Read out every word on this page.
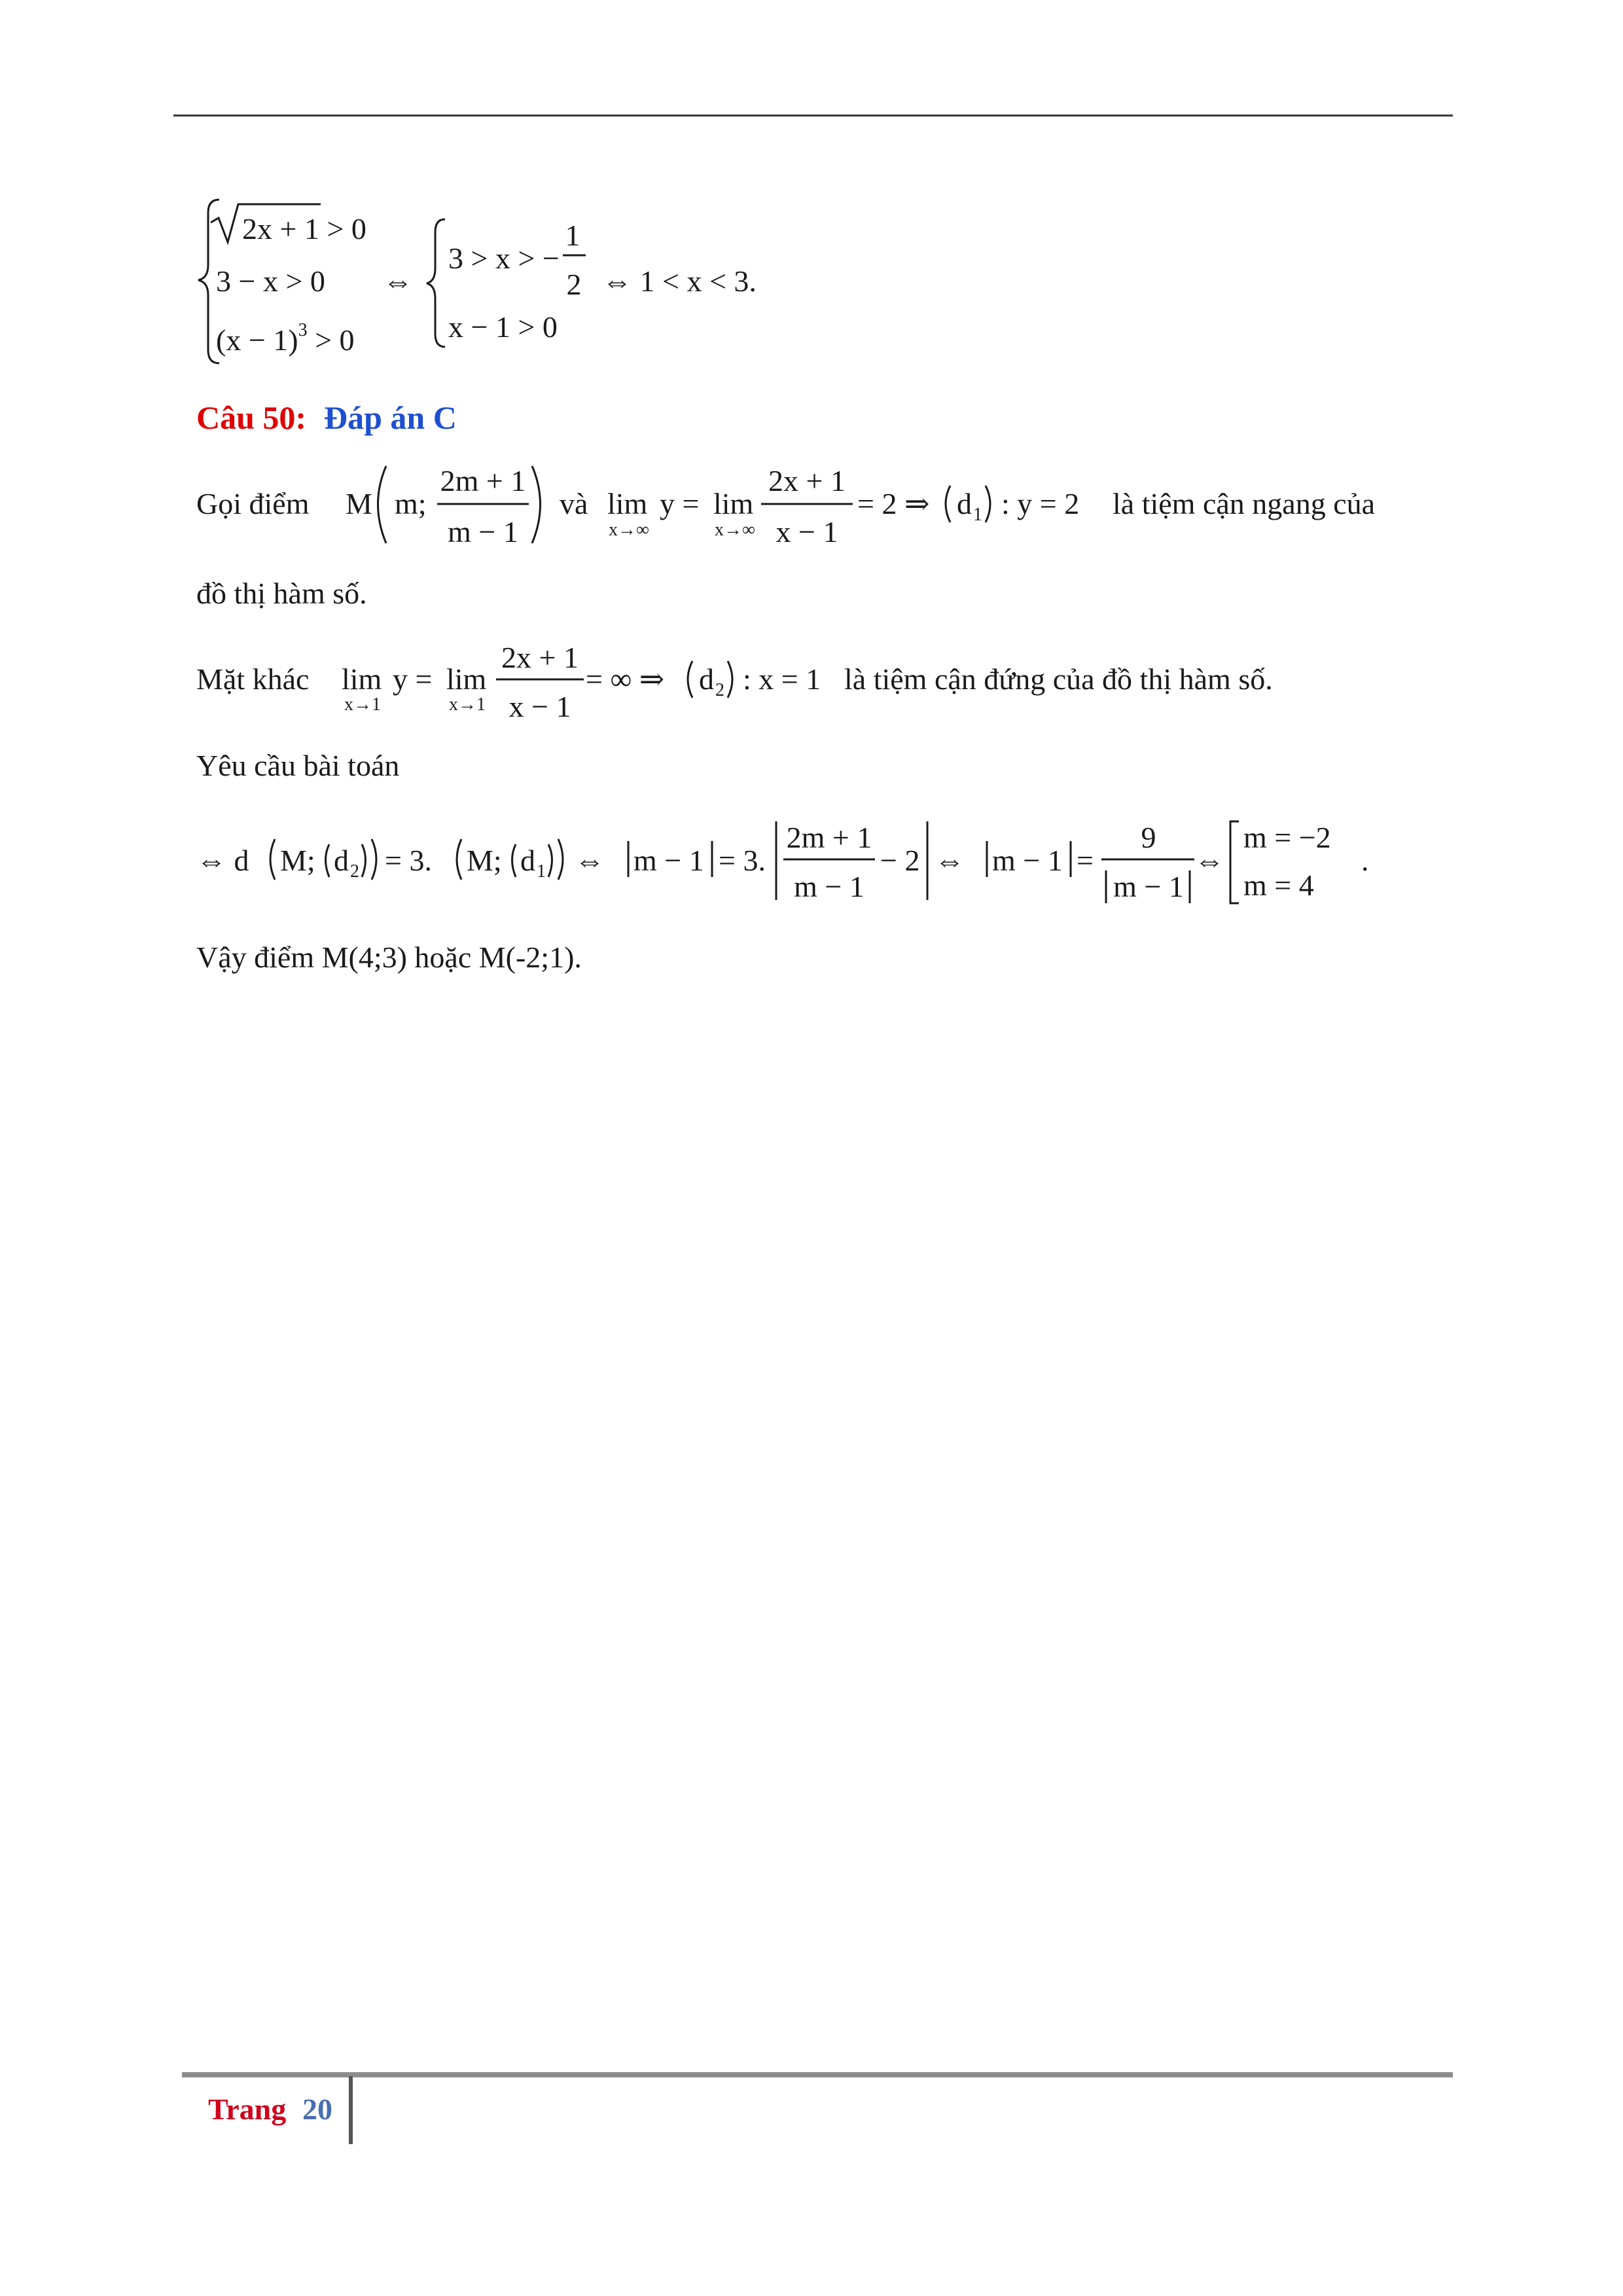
2x + 1 > 0
3 − x > 0
$(x - 1)^3 > 0$
⇔
3 > x > −
1
2 ⇔ 1 < x < 3.
x − 1 > 0
Câu 50: Đáp án C
Gọi điểm M m;
2m + 1
m − 1
và lim
x→∞
y = lim
x→∞
2x + 1
x − 1
= 2 ⇒ d 1 : y = 2 là tiệm cận ngang của
đồ thị hàm số.
Mặt khác lim
x→1
y = lim
x→1
2x + 1
x − 1
= ∞ ⇒ d 2 : x = 1 là tiệm cận đứng của đồ thị hàm số.
Yêu cầu bài toán
⇔ d M; d 2 = 3. M; d 1 ⇔ m − 1 = 3.
2m + 1
m − 1
− 2 ⇔ m − 1 =
9
m − 1
⇔
m = −2
m = 4
.
Vậy điểm M(4;3) hoặc M(-2;1).
Trang 20
